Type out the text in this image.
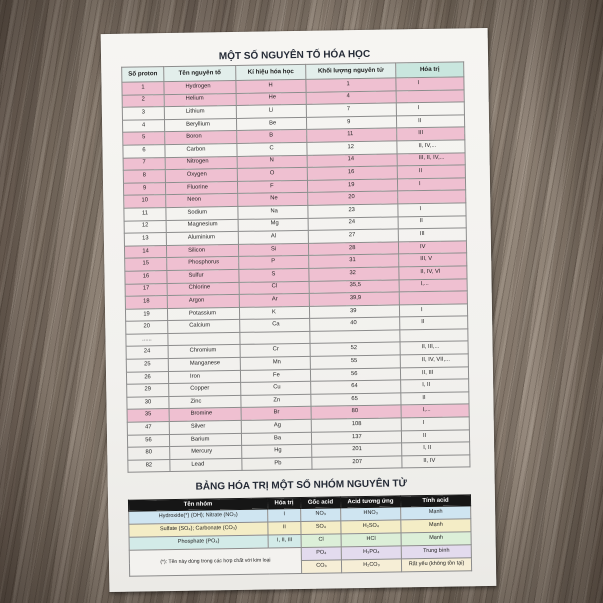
MỘT SỐ NGUYÊN TỐ HÓA HỌC
Số proton	Tên nguyên tố	Kí hiệu hóa học	Khối lượng nguyên tử	Hóa trị
1	Hydrogen	H	1	I
2	Helium	He	4	
3	Lithium	Li	7	I
4	Beryllium	Be	9	II
5	Boron	B	11	III
6	Carbon	C	12	II, IV,...
7	Nitrogen	N	14	III, II, IV,...
8	Oxygen	O	16	II
9	Fluorine	F	19	I
10	Neon	Ne	20	
11	Sodium	Na	23	I
12	Magnesium	Mg	24	II
13	Aluminium	Al	27	III
14	Silicon	Si	28	IV
15	Phosphorus	P	31	III, V
16	Sulfur	S	32	II, IV, VI
17	Chlorine	Cl	35,5	I,...
18	Argon	Ar	39,9	
19	Potassium	K	39	I
20	Calcium	Ca	40	II
......				
24	Chromium	Cr	52	II, III,...
25	Manganese	Mn	55	II, IV, VII,...
26	Iron	Fe	56	II, III
29	Copper	Cu	64	I, II
30	Zinc	Zn	65	II
35	Bromine	Br	80	I,...
47	Silver	Ag	108	I
56	Barium	Ba	137	II
80	Mercury	Hg	201	I, II
82	Lead	Pb	207	II, IV
BẢNG HÓA TRỊ MỘT SỐ NHÓM NGUYÊN TỬ
Tên nhóm	Hóa trị	Gốc acid	Acid tương ứng	Tính acid
Hydroxide(*) (OH); Nitrate (NO₃)	I	NO₃	HNO₃	Mạnh
Sulfate (SO₄); Carbonate (CO₃)	II	SO₄	H₂SO₄	Mạnh
Phosphate (PO₄)	I, II, III	Cl	HCl	Mạnh
(*): Tên này dùng trong các hợp chất với kim loại		PO₄	H₃PO₄	Trung bình
		CO₃	H₂CO₃	Rất yếu (không tồn tại)
